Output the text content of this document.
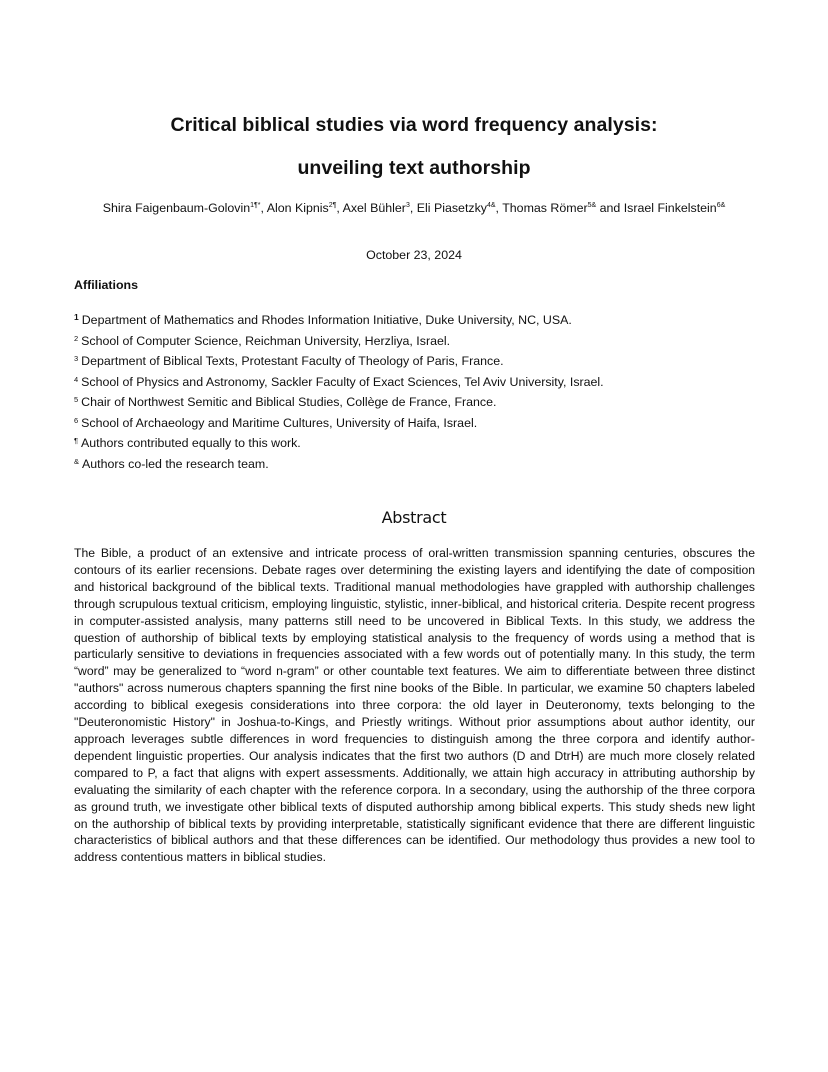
Critical biblical studies via word frequency analysis:
unveiling text authorship
Shira Faigenbaum-Golovin$^{1\P*}$, Alon Kipnis$^{2\P}$, Axel Bühler$^3$, Eli Piasetzky$^{4\&}$, Thomas Römer$^{5\&}$ and Israel Finkelstein$^{6\&}$
October 23, 2024
Affiliations
$^1$ Department of Mathematics and Rhodes Information Initiative, Duke University, NC, USA.
$^2$ School of Computer Science, Reichman University, Herzliya, Israel.
$^3$ Department of Biblical Texts, Protestant Faculty of Theology of Paris, France.
$^4$ School of Physics and Astronomy, Sackler Faculty of Exact Sciences, Tel Aviv University, Israel.
$^5$ Chair of Northwest Semitic and Biblical Studies, Collège de France, France.
$^6$ School of Archaeology and Maritime Cultures, University of Haifa, Israel.
¶ Authors contributed equally to this work.
& Authors co-led the research team.
Abstract
The Bible, a product of an extensive and intricate process of oral-written transmission spanning centuries, obscures the contours of its earlier recensions. Debate rages over determining the existing layers and identifying the date of composition and historical background of the biblical texts. Traditional manual methodologies have grappled with authorship challenges through scrupulous textual criticism, employing linguistic, stylistic, inner-biblical, and historical criteria. Despite recent progress in computer-assisted analysis, many patterns still need to be uncovered in Biblical Texts. In this study, we address the question of authorship of biblical texts by employing statistical analysis to the frequency of words using a method that is particularly sensitive to deviations in frequencies associated with a few words out of potentially many. In this study, the term “word” may be generalized to “word n-gram” or other countable text features. We aim to differentiate between three distinct "authors" across numerous chapters spanning the first nine books of the Bible. In particular, we examine 50 chapters labeled according to biblical exegesis considerations into three corpora: the old layer in Deuteronomy, texts belonging to the "Deuteronomistic History" in Joshua-to-Kings, and Priestly writings. Without prior assumptions about author identity, our approach leverages subtle differences in word frequencies to distinguish among the three corpora and identify author-dependent linguistic properties. Our analysis indicates that the first two authors (D and DtrH) are much more closely related compared to P, a fact that aligns with expert assessments. Additionally, we attain high accuracy in attributing authorship by evaluating the similarity of each chapter with the reference corpora. In a secondary, using the authorship of the three corpora as ground truth, we investigate other biblical texts of disputed authorship among biblical experts. This study sheds new light on the authorship of biblical texts by providing interpretable, statistically significant evidence that there are different linguistic characteristics of biblical authors and that these differences can be identified. Our methodology thus provides a new tool to address contentious matters in biblical studies.
